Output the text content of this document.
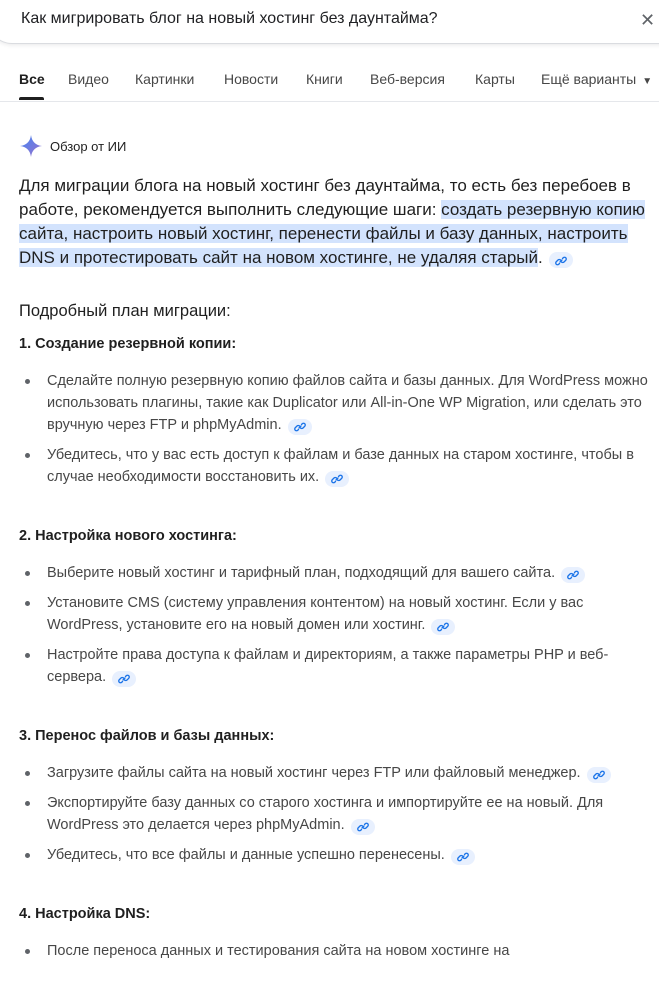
Как мигрировать блог на новый хостинг без даунтайма?	✕
Все Видео Картинки Новости Книги Веб-версия Карты Ещё варианты ▼
Обзор от ИИ

Для миграции блога на новый хостинг без даунтайма, то есть без перебоев в работе, рекомендуется выполнить следующие шаги: создать резервную копию сайта, настроить новый хостинг, перенести файлы и базу данных, настроить DNS и протестировать сайт на новом хостинге, не удаляя старый.

Подробный план миграции:

1. Создание резервной копии:

Сделайте полную резервную копию файлов сайта и базы данных. Для WordPress можно использовать плагины, такие как Duplicator или All-in-One WP Migration, или сделать это вручную через FTP и phpMyAdmin.
Убедитесь, что у вас есть доступ к файлам и базе данных на старом хостинге, чтобы в случае необходимости восстановить их.

2. Настройка нового хостинга:

Выберите новый хостинг и тарифный план, подходящий для вашего сайта.
Установите CMS (систему управления контентом) на новый хостинг. Если у вас WordPress, установите его на новый домен или хостинг.
Настройте права доступа к файлам и директориям, а также параметры PHP и веб-сервера.

3. Перенос файлов и базы данных:

Загрузите файлы сайта на новый хостинг через FTP или файловый менеджер.
Экспортируйте базу данных со старого хостинга и импортируйте ее на новый. Для WordPress это делается через phpMyAdmin.
Убедитесь, что все файлы и данные успешно перенесены.

4. Настройка DNS:

После переноса данных и тестирования сайта на новом хостинге на
